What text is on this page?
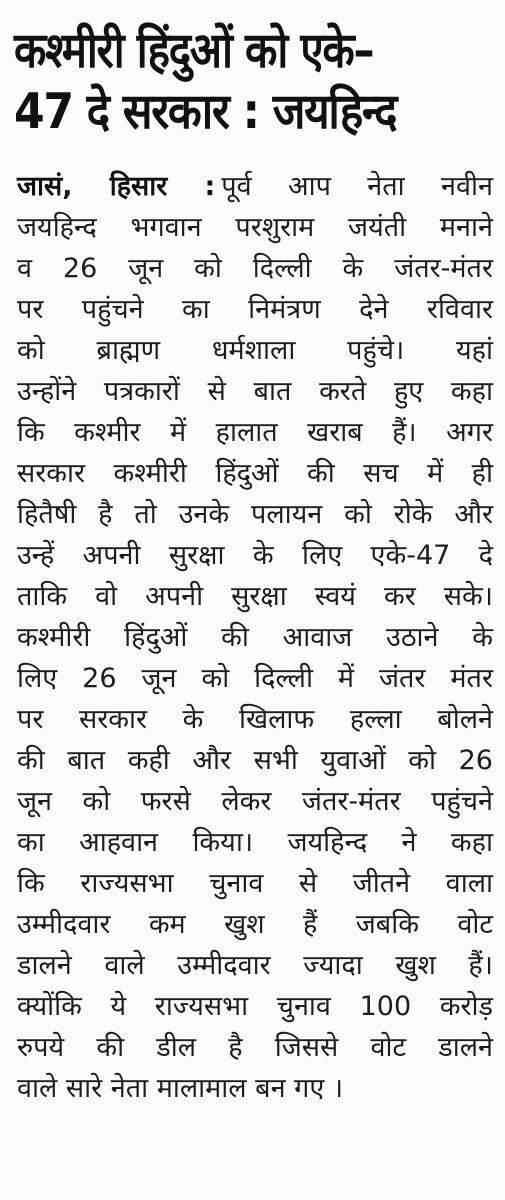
कश्मीरी हिंदुओं को एके–
47 दे सरकार : जयहिन्द
जासं, हिसार : पूर्व आप नेता नवीन
जयहिन्द भगवान परशुराम जयंती मनाने
व 26 जून को दिल्ली के जंतर-मंतर
पर पहुंचने का निमंत्रण देने रविवार
को ब्राह्मण धर्मशाला पहुंचे। यहां
उन्होंने पत्रकारों से बात करते हुए कहा
कि कश्मीर में हालात खराब हैं। अगर
सरकार कश्मीरी हिंदुओं की सच में ही
हितैषी है तो उनके पलायन को रोके और
उन्हें अपनी सुरक्षा के लिए एके-47 दे
ताकि वो अपनी सुरक्षा स्वयं कर सके।
कश्मीरी हिंदुओं की आवाज उठाने के
लिए 26 जून को दिल्ली में जंतर मंतर
पर सरकार के खिलाफ हल्ला बोलने
की बात कही और सभी युवाओं को 26
जून को फरसे लेकर जंतर-मंतर पहुंचने
का आहवान किया। जयहिन्द ने कहा
कि राज्यसभा चुनाव से जीतने वाला
उम्मीदवार कम खुश हैं जबकि वोट
डालने वाले उम्मीदवार ज्यादा खुश हैं।
क्योंकि ये राज्यसभा चुनाव 100 करोड़
रुपये की डील है जिससे वोट डालने
वाले सारे नेता मालामाल बन गए ।
